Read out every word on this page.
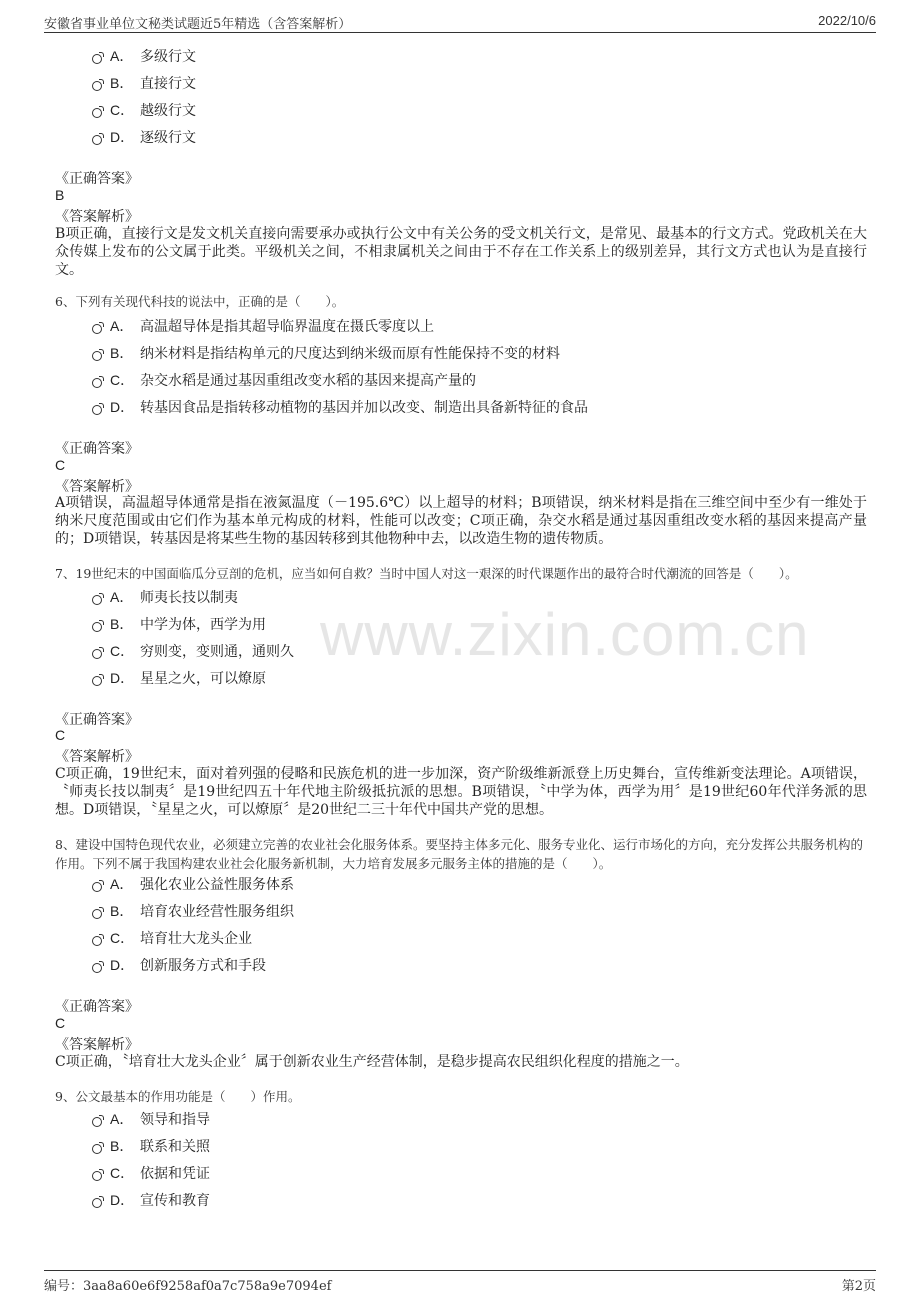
安徽省事业单位文秘类试题近5年精选（含答案解析）	2022/10/6
www.zixin.com.cn
A． 多级行文
B． 直接行文
C． 越级行文
D． 逐级行文
《正确答案》
B
《答案解析》
B项正确，直接行文是发文机关直接向需要承办或执行公文中有关公务的受文机关行文，是常见、最基本的行文方式。党政机关在大众传媒上发布的公文属于此类。平级机关之间，不相隶属机关之间由于不存在工作关系上的级别差异，其行文方式也认为是直接行文。
6、下列有关现代科技的说法中，正确的是（　　）。
A． 高温超导体是指其超导临界温度在摄氏零度以上
B． 纳米材料是指结构单元的尺度达到纳米级而原有性能保持不变的材料
C． 杂交水稻是通过基因重组改变水稻的基因来提高产量的
D． 转基因食品是指转移动植物的基因并加以改变、制造出具备新特征的食品
《正确答案》
C
《答案解析》
A项错误，高温超导体通常是指在液氮温度（－195.6℃）以上超导的材料；B项错误，纳米材料是指在三维空间中至少有一维处于纳米尺度范围或由它们作为基本单元构成的材料，性能可以改变；C项正确，杂交水稻是通过基因重组改变水稻的基因来提高产量的；D项错误，转基因是将某些生物的基因转移到其他物种中去，以改造生物的遗传物质。
7、19世纪末的中国面临瓜分豆剖的危机，应当如何自救？当时中国人对这一艰深的时代课题作出的最符合时代潮流的回答是（　　）。
A． 师夷长技以制夷
B． 中学为体，西学为用
C． 穷则变，变则通，通则久
D． 星星之火，可以燎原
《正确答案》
C
《答案解析》
C项正确，19世纪末，面对着列强的侵略和民族危机的进一步加深，资产阶级维新派登上历史舞台，宣传维新变法理论。A项错误，〝师夷长技以制夷〞是19世纪四五十年代地主阶级抵抗派的思想。B项错误，〝中学为体，西学为用〞是19世纪60年代洋务派的思想。D项错误，〝星星之火，可以燎原〞是20世纪二三十年代中国共产党的思想。
8、建设中国特色现代农业，必须建立完善的农业社会化服务体系。要坚持主体多元化、服务专业化、运行市场化的方向，充分发挥公共服务机构的作用。下列不属于我国构建农业社会化服务新机制，大力培育发展多元服务主体的措施的是（　　）。
A． 强化农业公益性服务体系
B． 培育农业经营性服务组织
C． 培育壮大龙头企业
D． 创新服务方式和手段
《正确答案》
C
《答案解析》
C项正确，〝培育壮大龙头企业〞属于创新农业生产经营体制，是稳步提高农民组织化程度的措施之一。
9、公文最基本的作用功能是（　　）作用。
A． 领导和指导
B． 联系和关照
C． 依据和凭证
D． 宣传和教育
编号：3aa8a60e6f9258af0a7c758a9e7094ef	第2页
